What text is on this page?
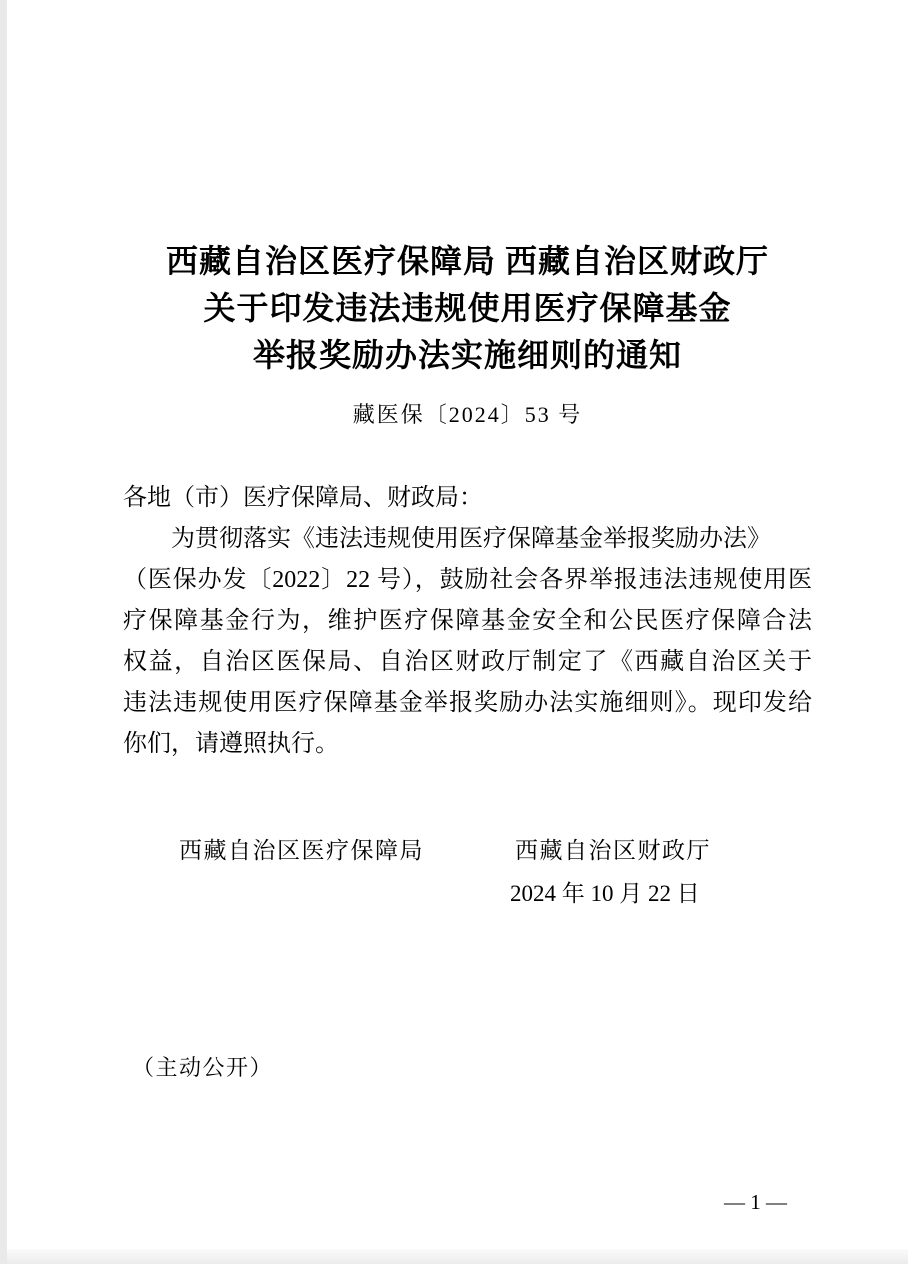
西藏自治区医疗保障局 西藏自治区财政厅
关于印发违法违规使用医疗保障基金
举报奖励办法实施细则的通知
藏医保〔2024〕53 号
各地（市）医疗保障局、财政局：
为贯彻落实《违法违规使用医疗保障基金举报奖励办法》
（医保办发〔2022〕22 号），鼓励社会各界举报违法违规使用医
疗保障基金行为，维护医疗保障基金安全和公民医疗保障合法
权益，自治区医保局、自治区财政厅制定了《西藏自治区关于
违法违规使用医疗保障基金举报奖励办法实施细则》。现印发给
你们，请遵照执行。
西藏自治区医疗保障局	西藏自治区财政厅
2024 年 10 月 22 日
（主动公开）
— 1 —
